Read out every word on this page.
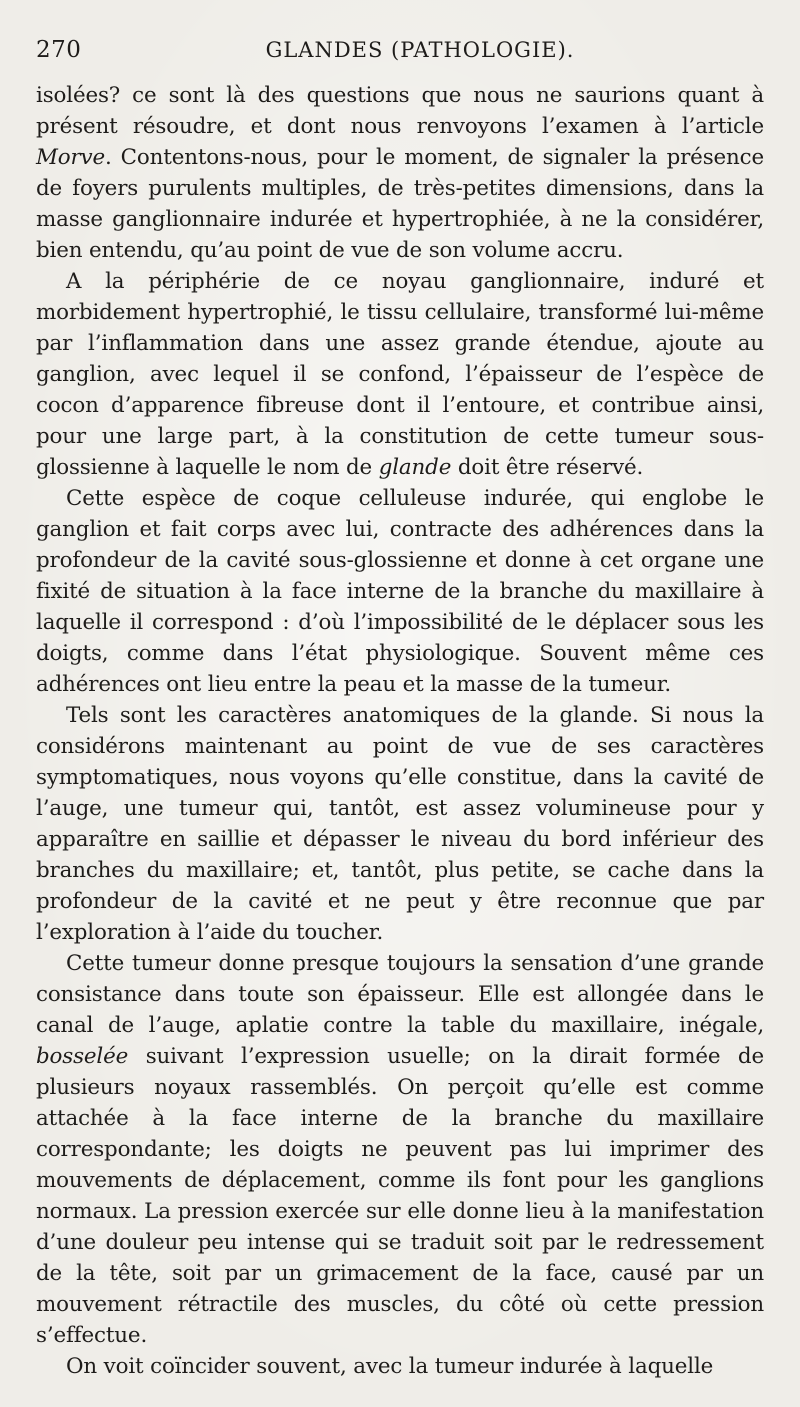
270	GLANDES (PATHOLOGIE).

isolées? ce sont là des questions que nous ne saurions quant à présent résoudre, et dont nous renvoyons l’examen à l’article Morve. Contentons-nous, pour le moment, de signaler la présence de foyers purulents multiples, de très-petites dimensions, dans la masse ganglionnaire indurée et hypertrophiée, à ne la considérer, bien entendu, qu’au point de vue de son volume accru.

A la périphérie de ce noyau ganglionnaire, induré et morbidement hypertrophié, le tissu cellulaire, transformé lui-même par l’inflammation dans une assez grande étendue, ajoute au ganglion, avec lequel il se confond, l’épaisseur de l’espèce de cocon d’apparence fibreuse dont il l’entoure, et contribue ainsi, pour une large part, à la constitution de cette tumeur sous-glossienne à laquelle le nom de glande doit être réservé.

Cette espèce de coque celluleuse indurée, qui englobe le ganglion et fait corps avec lui, contracte des adhérences dans la profondeur de la cavité sous-glossienne et donne à cet organe une fixité de situation à la face interne de la branche du maxillaire à laquelle il correspond : d’où l’impossibilité de le déplacer sous les doigts, comme dans l’état physiologique. Souvent même ces adhérences ont lieu entre la peau et la masse de la tumeur.

Tels sont les caractères anatomiques de la glande. Si nous la considérons maintenant au point de vue de ses caractères symptomatiques, nous voyons qu’elle constitue, dans la cavité de l’auge, une tumeur qui, tantôt, est assez volumineuse pour y apparaître en saillie et dépasser le niveau du bord inférieur des branches du maxillaire; et, tantôt, plus petite, se cache dans la profondeur de la cavité et ne peut y être reconnue que par l’exploration à l’aide du toucher.

Cette tumeur donne presque toujours la sensation d’une grande consistance dans toute son épaisseur. Elle est allongée dans le canal de l’auge, aplatie contre la table du maxillaire, inégale, bosselée suivant l’expression usuelle; on la dirait formée de plusieurs noyaux rassemblés. On perçoit qu’elle est comme attachée à la face interne de la branche du maxillaire correspondante; les doigts ne peuvent pas lui imprimer des mouvements de déplacement, comme ils font pour les ganglions normaux. La pression exercée sur elle donne lieu à la manifestation d’une douleur peu intense qui se traduit soit par le redressement de la tête, soit par un grimacement de la face, causé par un mouvement rétractile des muscles, du côté où cette pression s’effectue.

On voit coïncider souvent, avec la tumeur indurée à laquelle
